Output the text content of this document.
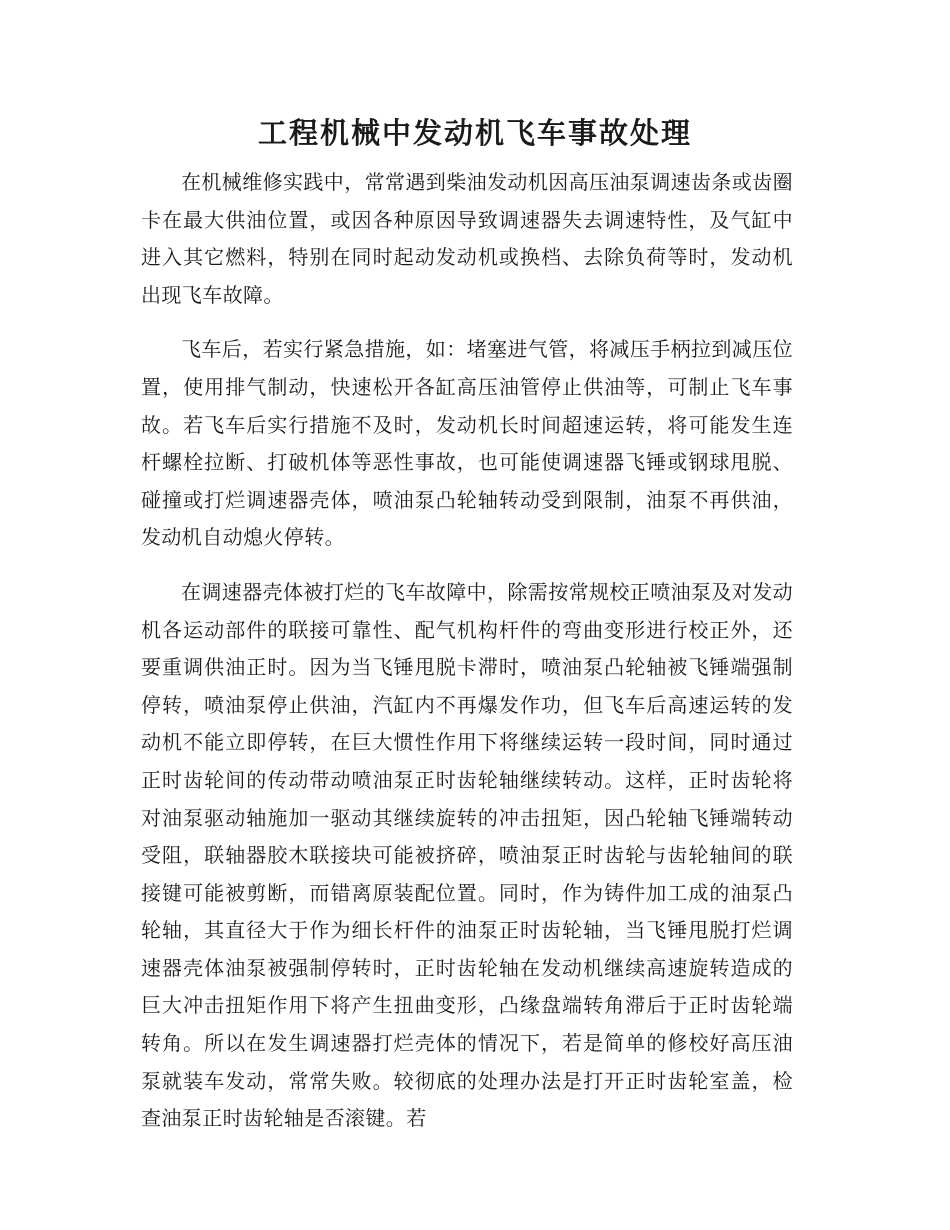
工程机械中发动机飞车事故处理

在机械维修实践中，常常遇到柴油发动机因高压油泵调速齿条或齿圈卡在最大供油位置，或因各种原因导致调速器失去调速特性，及气缸中进入其它燃料，特别在同时起动发动机或换档、去除负荷等时，发动机出现飞车故障。

飞车后，若实行紧急措施，如：堵塞进气管，将减压手柄拉到减压位置，使用排气制动，快速松开各缸高压油管停止供油等，可制止飞车事故。若飞车后实行措施不及时，发动机长时间超速运转，将可能发生连杆螺栓拉断、打破机体等恶性事故，也可能使调速器飞锤或钢球甩脱、碰撞或打烂调速器壳体，喷油泵凸轮轴转动受到限制，油泵不再供油，发动机自动熄火停转。

在调速器壳体被打烂的飞车故障中，除需按常规校正喷油泵及对发动机各运动部件的联接可靠性、配气机构杆件的弯曲变形进行校正外，还要重调供油正时。因为当飞锤甩脱卡滞时，喷油泵凸轮轴被飞锤端强制停转，喷油泵停止供油，汽缸内不再爆发作功，但飞车后高速运转的发动机不能立即停转，在巨大惯性作用下将继续运转一段时间，同时通过正时齿轮间的传动带动喷油泵正时齿轮轴继续转动。这样，正时齿轮将对油泵驱动轴施加一驱动其继续旋转的冲击扭矩，因凸轮轴飞锤端转动受阻，联轴器胶木联接块可能被挤碎，喷油泵正时齿轮与齿轮轴间的联接键可能被剪断，而错离原装配位置。同时，作为铸件加工成的油泵凸轮轴，其直径大于作为细长杆件的油泵正时齿轮轴，当飞锤甩脱打烂调速器壳体油泵被强制停转时，正时齿轮轴在发动机继续高速旋转造成的巨大冲击扭矩作用下将产生扭曲变形，凸缘盘端转角滞后于正时齿轮端转角。所以在发生调速器打烂壳体的情况下，若是简单的修校好高压油泵就装车发动，常常失败。较彻底的处理办法是打开正时齿轮室盖，检查油泵正时齿轮轴是否滚键。若
